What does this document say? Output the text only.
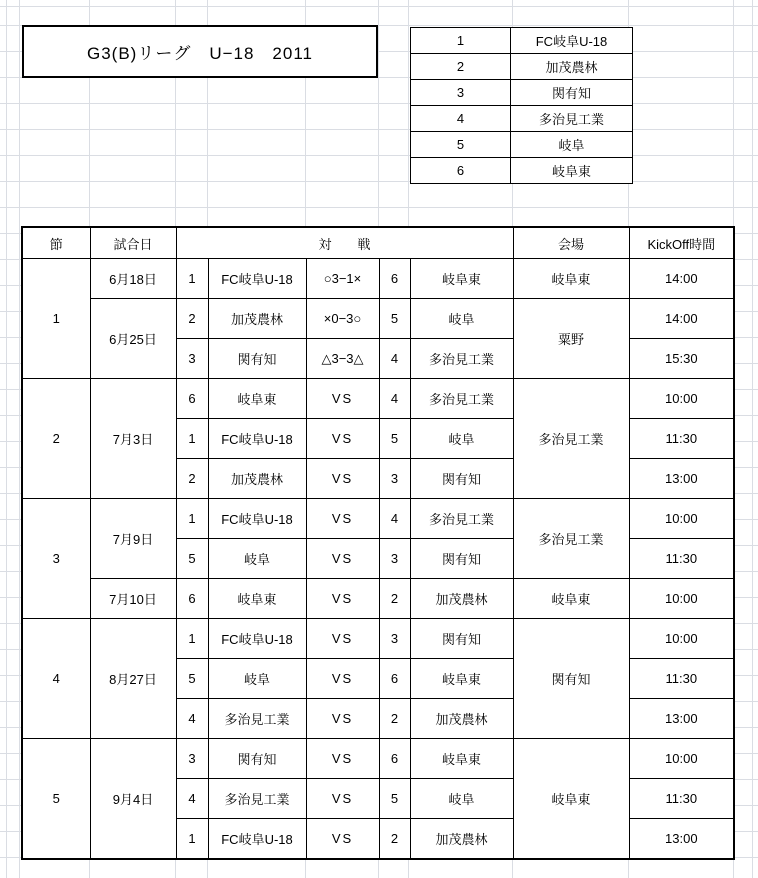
G3(B)リーグ　U−18　2011
1	FC岐阜U-18
2	加茂農林
3	関有知
4	多治見工業
5	岐阜
6	岐阜東
節	試合日	対　　戦					会場	KickOff時間
1	6月18日	1	FC岐阜U-18	○3−1×	6	岐阜東	岐阜東	14:00
	6月25日	2	加茂農林	×0−3○	5	岐阜	粟野	14:00
		3	関有知	△3−3△	4	多治見工業		15:30
2	7月3日	6	岐阜東	VS	4	多治見工業	多治見工業	10:00
		1	FC岐阜U-18	VS	5	岐阜		11:30
		2	加茂農林	VS	3	関有知		13:00
3	7月9日	1	FC岐阜U-18	VS	4	多治見工業	多治見工業	10:00
		5	岐阜	VS	3	関有知		11:30
	7月10日	6	岐阜東	VS	2	加茂農林	岐阜東	10:00
4	8月27日	1	FC岐阜U-18	VS	3	関有知	関有知	10:00
		5	岐阜	VS	6	岐阜東		11:30
		4	多治見工業	VS	2	加茂農林		13:00
5	9月4日	3	関有知	VS	6	岐阜東	岐阜東	10:00
		4	多治見工業	VS	5	岐阜		11:30
		1	FC岐阜U-18	VS	2	加茂農林		13:00
